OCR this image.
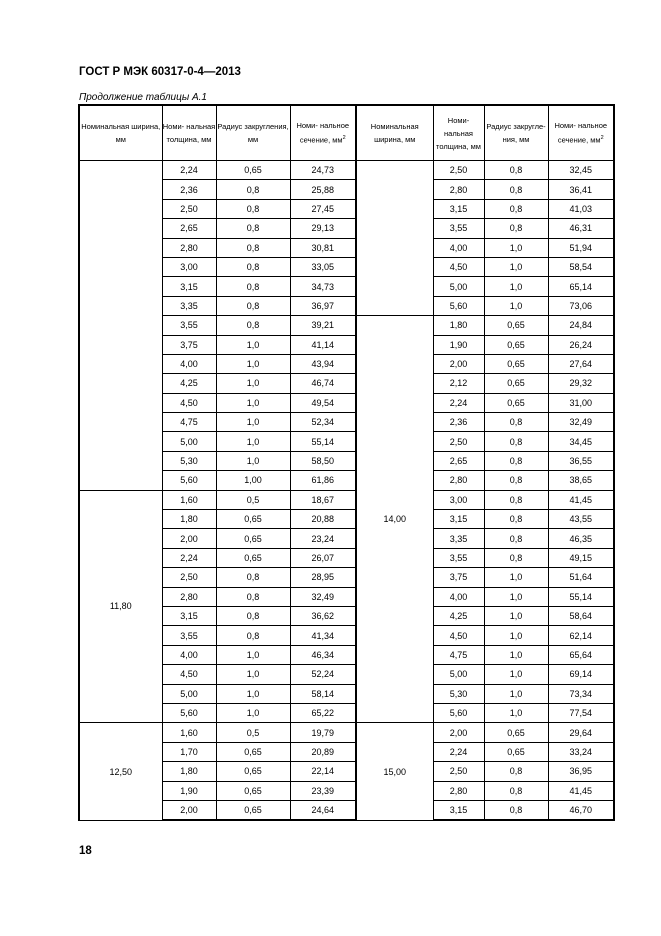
ГОСТ Р МЭК 60317-0-4—2013
Продолжение таблицы А.1
Номинальная ширина, мм	Номи- нальная толщина, мм	Радиус закругления, мм	Номи- нальное сечение, $мм^2$	Номинальная ширина, мм	Номи- нальная толщина, мм	Радиус закругле- ния, мм	Номи- нальное сечение, $мм^2$
	2,24	0,65	24,73		2,50	0,8	32,45
	2,36	0,8	25,88		2,80	0,8	36,41
	2,50	0,8	27,45		3,15	0,8	41,03
	2,65	0,8	29,13		3,55	0,8	46,31
	2,80	0,8	30,81		4,00	1,0	51,94
	3,00	0,8	33,05		4,50	1,0	58,54
	3,15	0,8	34,73		5,00	1,0	65,14
	3,35	0,8	36,97		5,60	1,0	73,06
	3,55	0,8	39,21	14,00	1,80	0,65	24,84
	3,75	1,0	41,14		1,90	0,65	26,24
	4,00	1,0	43,94		2,00	0,65	27,64
	4,25	1,0	46,74		2,12	0,65	29,32
	4,50	1,0	49,54		2,24	0,65	31,00
	4,75	1,0	52,34		2,36	0,8	32,49
	5,00	1,0	55,14		2,50	0,8	34,45
	5,30	1,0	58,50		2,65	0,8	36,55
	5,60	1,00	61,86		2,80	0,8	38,65
11,80	1,60	0,5	18,67		3,00	0,8	41,45
	1,80	0,65	20,88		3,15	0,8	43,55
	2,00	0,65	23,24		3,35	0,8	46,35
	2,24	0,65	26,07		3,55	0,8	49,15
	2,50	0,8	28,95		3,75	1,0	51,64
	2,80	0,8	32,49		4,00	1,0	55,14
	3,15	0,8	36,62		4,25	1,0	58,64
	3,55	0,8	41,34		4,50	1,0	62,14
	4,00	1,0	46,34		4,75	1,0	65,64
	4,50	1,0	52,24		5,00	1,0	69,14
	5,00	1,0	58,14		5,30	1,0	73,34
	5,60	1,0	65,22		5,60	1,0	77,54
12,50	1,60	0,5	19,79	15,00	2,00	0,65	29,64
	1,70	0,65	20,89		2,24	0,65	33,24
	1,80	0,65	22,14		2,50	0,8	36,95
	1,90	0,65	23,39		2,80	0,8	41,45
	2,00	0,65	24,64		3,15	0,8	46,70
18
